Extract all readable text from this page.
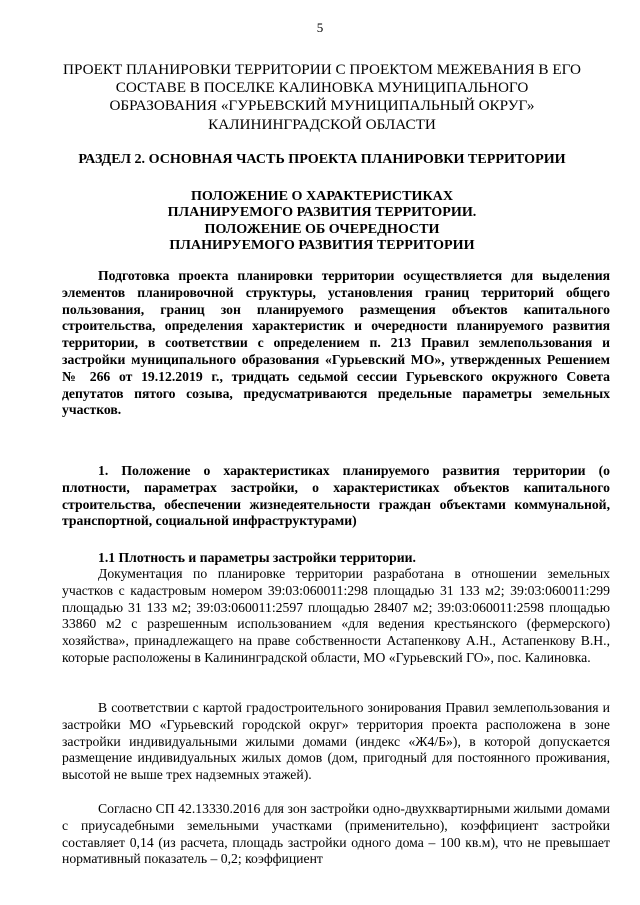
5
ПРОЕКТ ПЛАНИРОВКИ ТЕРРИТОРИИ С ПРОЕКТОМ МЕЖЕВАНИЯ В ЕГО СОСТАВЕ В ПОСЕЛКЕ КАЛИНОВКА МУНИЦИПАЛЬНОГО ОБРАЗОВАНИЯ «ГУРЬЕВСКИЙ МУНИЦИПАЛЬНЫЙ ОКРУГ» КАЛИНИНГРАДСКОЙ ОБЛАСТИ
РАЗДЕЛ 2. ОСНОВНАЯ ЧАСТЬ ПРОЕКТА ПЛАНИРОВКИ ТЕРРИТОРИИ
ПОЛОЖЕНИЕ О ХАРАКТЕРИСТИКАХ
ПЛАНИРУЕМОГО РАЗВИТИЯ ТЕРРИТОРИИ.
ПОЛОЖЕНИЕ ОБ ОЧЕРЕДНОСТИ
ПЛАНИРУЕМОГО РАЗВИТИЯ ТЕРРИТОРИИ

Подготовка проекта планировки территории осуществляется для выделения элементов планировочной структуры, установления границ территорий общего пользования, границ зон планируемого размещения объектов капитального строительства, определения характеристик и очередности планируемого развития территории, в соответствии с определением п. 213 Правил землепользования и застройки муниципального образования «Гурьевский МО», утвержденных Решением № 266 от 19.12.2019 г., тридцать седьмой сессии Гурьевского окружного Совета депутатов пятого созыва, предусматриваются предельные параметры земельных участков.

1. Положение о характеристиках планируемого развития территории (о плотности, параметрах застройки, о характеристиках объектов капитального строительства, обеспечении жизнедеятельности граждан объектами коммунальной, транспортной, социальной инфраструктурами)

1.1 Плотность и параметры застройки территории.

Документация по планировке территории разработана в отношении земельных участков с кадастровым номером 39:03:060011:298 площадью 31 133 м2; 39:03:060011:299 площадью 31 133 м2; 39:03:060011:2597 площадью 28407 м2; 39:03:060011:2598 площадью 33860 м2 с разрешенным использованием «для ведения крестьянского (фермерского) хозяйства», принадлежащего на праве собственности Астапенкову А.Н., Астапенкову В.Н., которые расположены в Калининградской области, МО «Гурьевский ГО», пос. Калиновка.

В соответствии с картой градостроительного зонирования Правил землепользования и застройки МО «Гурьевский городской округ» территория проекта расположена в зоне застройки индивидуальными жилыми домами (индекс «Ж4/Б»), в которой допускается размещение индивидуальных жилых домов (дом, пригодный для постоянного проживания, высотой не выше трех надземных этажей).

Согласно СП 42.13330.2016 для зон застройки одно-двухквартирными жилыми домами с приусадебными земельными участками (применительно), коэффициент застройки составляет 0,14 (из расчета, площадь застройки одного дома – 100 кв.м), что не превышает нормативный показатель – 0,2; коэффициент
